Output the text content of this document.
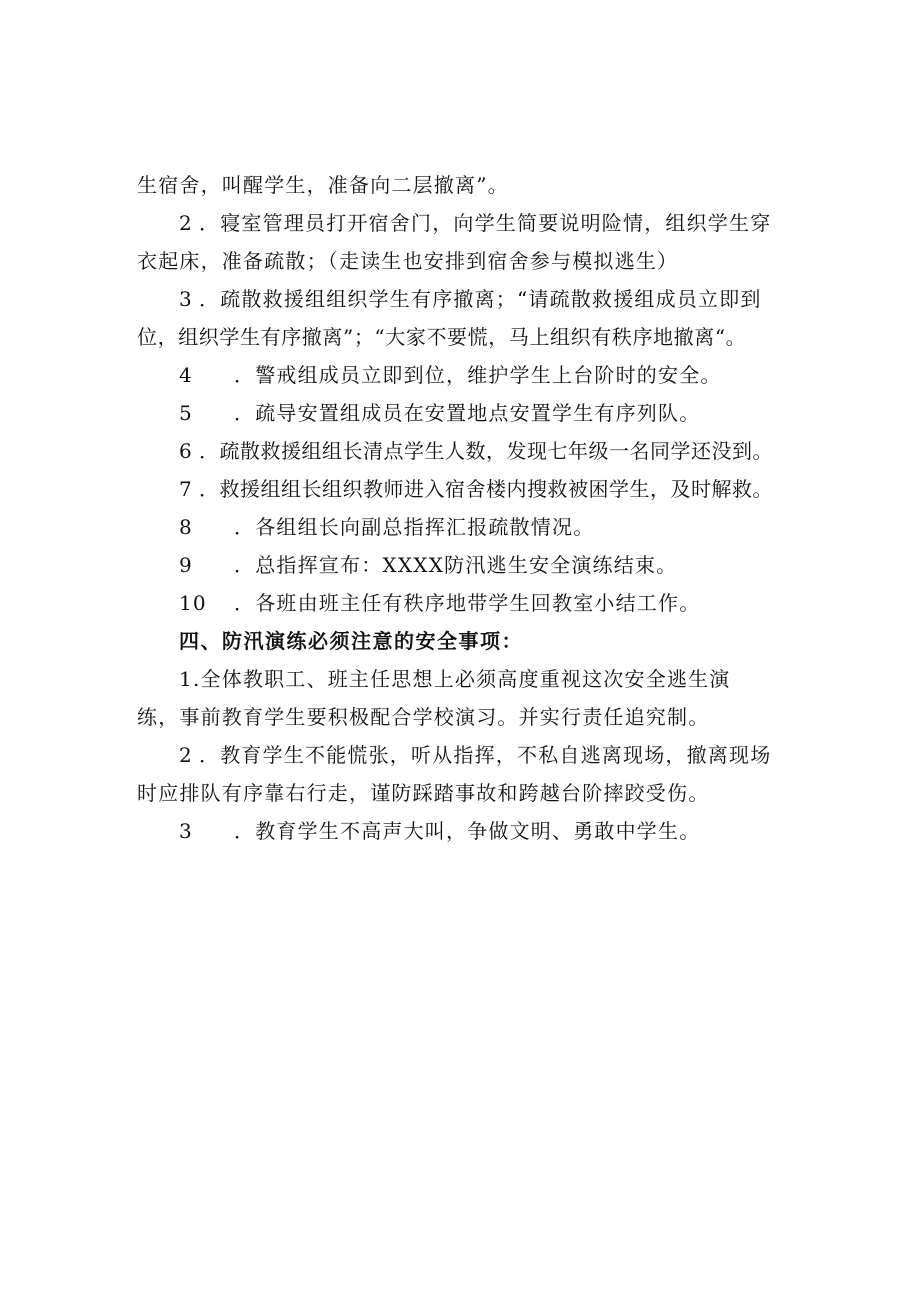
生宿舍，叫醒学生，准备向二层撤离”。
2 ．寝室管理员打开宿舍门，向学生简要说明险情，组织学生穿
衣起床，准备疏散；（走读生也安排到宿舍参与模拟逃生）
3 ．疏散救援组组织学生有序撤离；“请疏散救援组成员立即到
位，组织学生有序撤离”；“大家不要慌，马上组织有秩序地撤离“。
4 ．警戒组成员立即到位，维护学生上台阶时的安全。
5 ．疏导安置组成员在安置地点安置学生有序列队。
6 ．疏散救援组组长清点学生人数，发现七年级一名同学还没到。
7 ．救援组组长组织教师进入宿舍楼内搜救被困学生，及时解救。
8 ．各组组长向副总指挥汇报疏散情况。
9 ．总指挥宣布：XXXX防汛逃生安全演练结束。
10 ．各班由班主任有秩序地带学生回教室小结工作。
四、防汛演练必须注意的安全事项：
1.全体教职工、班主任思想上必须高度重视这次安全逃生演
练，事前教育学生要积极配合学校演习。并实行责任追究制。
2 ．教育学生不能慌张，听从指挥，不私自逃离现场，撤离现场
时应排队有序靠右行走，谨防踩踏事故和跨越台阶摔跤受伤。
3 ．教育学生不高声大叫，争做文明、勇敢中学生。
